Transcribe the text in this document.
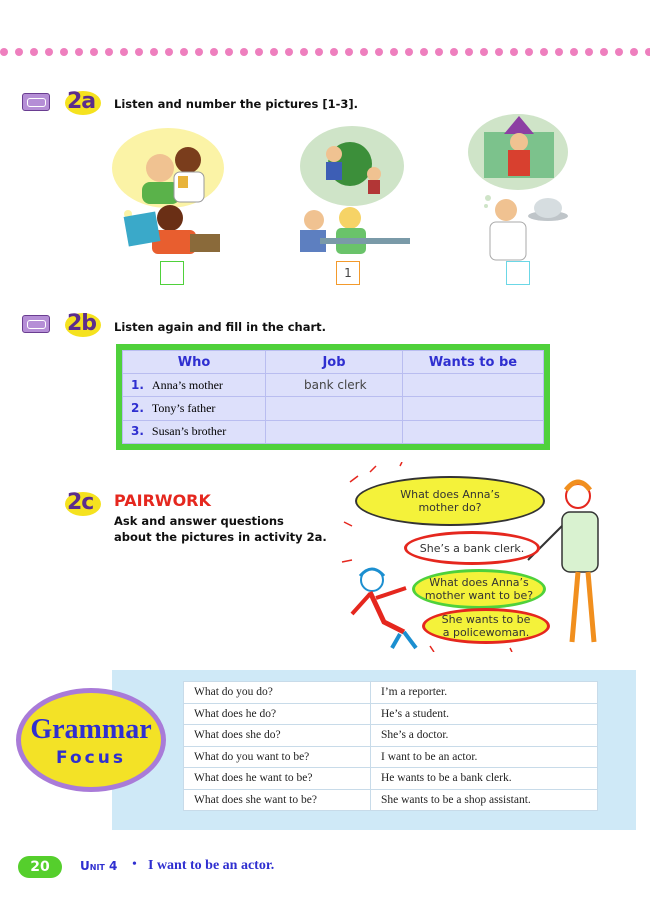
2a Listen and number the pictures [1-3].
1
2b Listen again and fill in the chart.
Who	Job	Wants to be
1. Anna’s mother	bank clerk	
2. Tony’s father		
3. Susan’s brother		
2c PAIRWORK
Ask and answer questions
about the pictures in activity 2a.
What does Anna’s
mother do?
She’s a bank clerk.
What does Anna’s
mother want to be?
She wants to be
a policewoman.
What do you do?	I’m a reporter.
What does he do?	He’s a student.
What does she do?	She’s a doctor.
What do you want to be?	I want to be an actor.
What does he want to be?	He wants to be a bank clerk.
What does she want to be?	She wants to be a shop assistant.
Grammar
Focus
20	Unit 4 • I want to be an actor.
